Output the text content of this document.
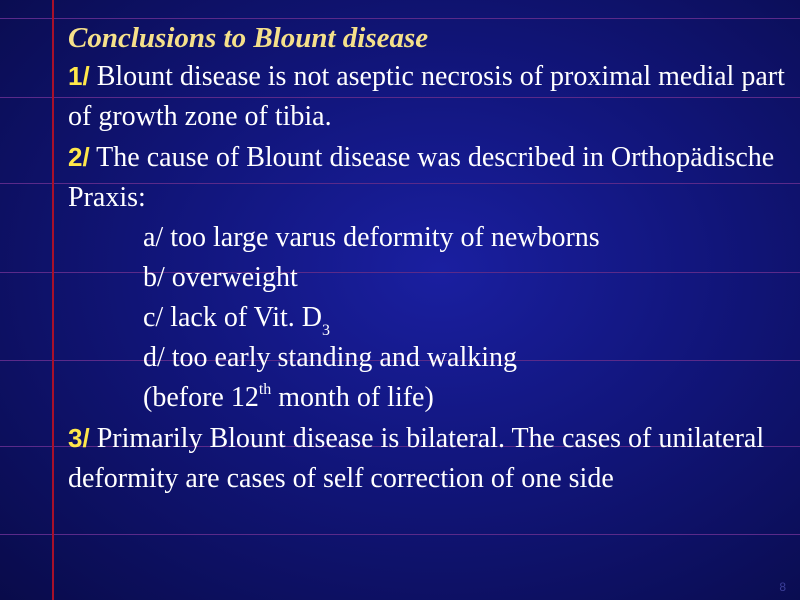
Conclusions to Blount disease

1/ Blount disease is not aseptic necrosis of proximal medial part of growth zone of tibia.

2/ The cause of Blount disease was described in Orthopädische Praxis:

a/ too large varus deformity of newborns

b/ overweight

c/ lack of Vit. $D_3$

d/ too early standing and walking

(before 12th month of life)

3/ Primarily Blount disease is bilateral. The cases of unilateral deformity are cases of self correction of one side

8
